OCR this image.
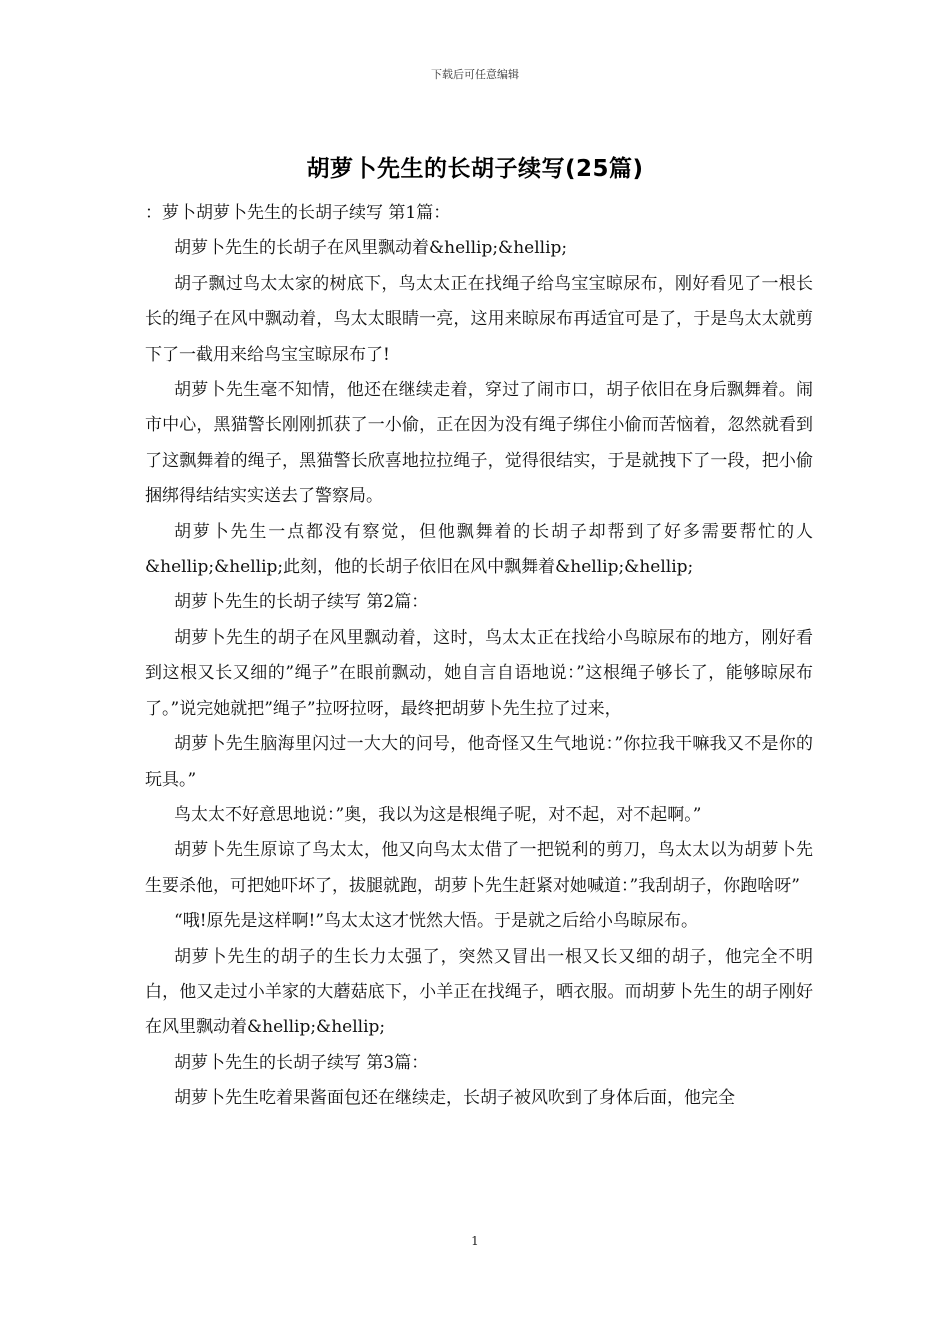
下载后可任意编辑
胡萝卜先生的长胡子续写(25篇)

：萝卜胡萝卜先生的长胡子续写 第1篇：

胡萝卜先生的长胡子在风里飘动着&hellip;&hellip;

胡子飘过鸟太太家的树底下，鸟太太正在找绳子给鸟宝宝晾尿布，刚好看见了一根长长的绳子在风中飘动着，鸟太太眼睛一亮，这用来晾尿布再适宜可是了，于是鸟太太就剪下了一截用来给鸟宝宝晾尿布了!

胡萝卜先生毫不知情，他还在继续走着，穿过了闹市口，胡子依旧在身后飘舞着。闹市中心，黑猫警长刚刚抓获了一小偷，正在因为没有绳子绑住小偷而苦恼着，忽然就看到了这飘舞着的绳子，黑猫警长欣喜地拉拉绳子，觉得很结实，于是就拽下了一段，把小偷捆绑得结结实实送去了警察局。

胡萝卜先生一点都没有察觉，但他飘舞着的长胡子却帮到了好多需要帮忙的人&hellip;&hellip;此刻，他的长胡子依旧在风中飘舞着&hellip;&hellip;

胡萝卜先生的长胡子续写 第2篇：

胡萝卜先生的胡子在风里飘动着，这时，鸟太太正在找给小鸟晾尿布的地方，刚好看到这根又长又细的”绳子”在眼前飘动，她自言自语地说：”这根绳子够长了，能够晾尿布了。”说完她就把”绳子”拉呀拉呀，最终把胡萝卜先生拉了过来，

胡萝卜先生脑海里闪过一大大的问号，他奇怪又生气地说：”你拉我干嘛我又不是你的玩具。”

鸟太太不好意思地说：”奥，我以为这是根绳子呢，对不起，对不起啊。”

胡萝卜先生原谅了鸟太太，他又向鸟太太借了一把锐利的剪刀，鸟太太以为胡萝卜先生要杀他，可把她吓坏了，拔腿就跑，胡萝卜先生赶紧对她喊道：”我刮胡子，你跑啥呀”

“哦!原先是这样啊!”鸟太太这才恍然大悟。于是就之后给小鸟晾尿布。

胡萝卜先生的胡子的生长力太强了，突然又冒出一根又长又细的胡子，他完全不明白，他又走过小羊家的大蘑菇底下，小羊正在找绳子，晒衣服。而胡萝卜先生的胡子刚好在风里飘动着&hellip;&hellip;

胡萝卜先生的长胡子续写 第3篇：

胡萝卜先生吃着果酱面包还在继续走，长胡子被风吹到了身体后面，他完全

1
